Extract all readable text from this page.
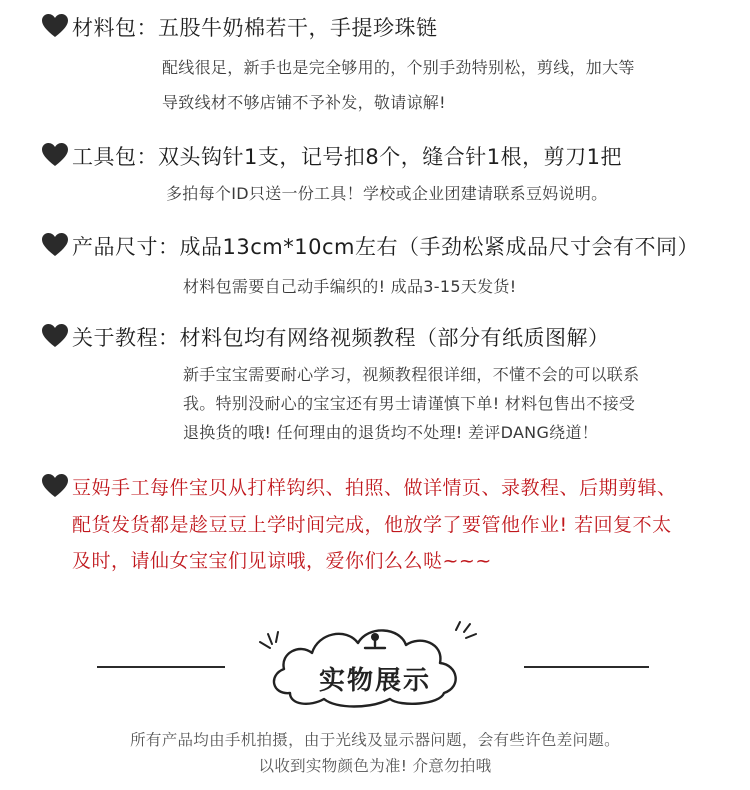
材料包：五股牛奶棉若干，手提珍珠链
配线很足，新手也是完全够用的，个别手劲特别松，剪线，加大等
导致线材不够店铺不予补发，敬请谅解!
工具包：双头钩针1支，记号扣8个，缝合针1根，剪刀1把
多拍每个ID只送一份工具！学校或企业团建请联系豆妈说明。
产品尺寸：成品13cm*10cm左右（手劲松紧成品尺寸会有不同）
材料包需要自己动手编织的! 成品3-15天发货!
关于教程：材料包均有网络视频教程（部分有纸质图解）
新手宝宝需要耐心学习，视频教程很详细，不懂不会的可以联系
我。特别没耐心的宝宝还有男士请谨慎下单! 材料包售出不接受
退换货的哦! 任何理由的退货均不处理! 差评DANG绕道！
豆妈手工每件宝贝从打样钩织、拍照、做详情页、录教程、后期剪辑、
配货发货都是趁豆豆上学时间完成，他放学了要管他作业! 若回复不太
及时，请仙女宝宝们见谅哦，爱你们么么哒~~~
实物展示
所有产品均由手机拍摄，由于光线及显示器问题，会有些许色差问题。
以收到实物颜色为准! 介意勿拍哦
